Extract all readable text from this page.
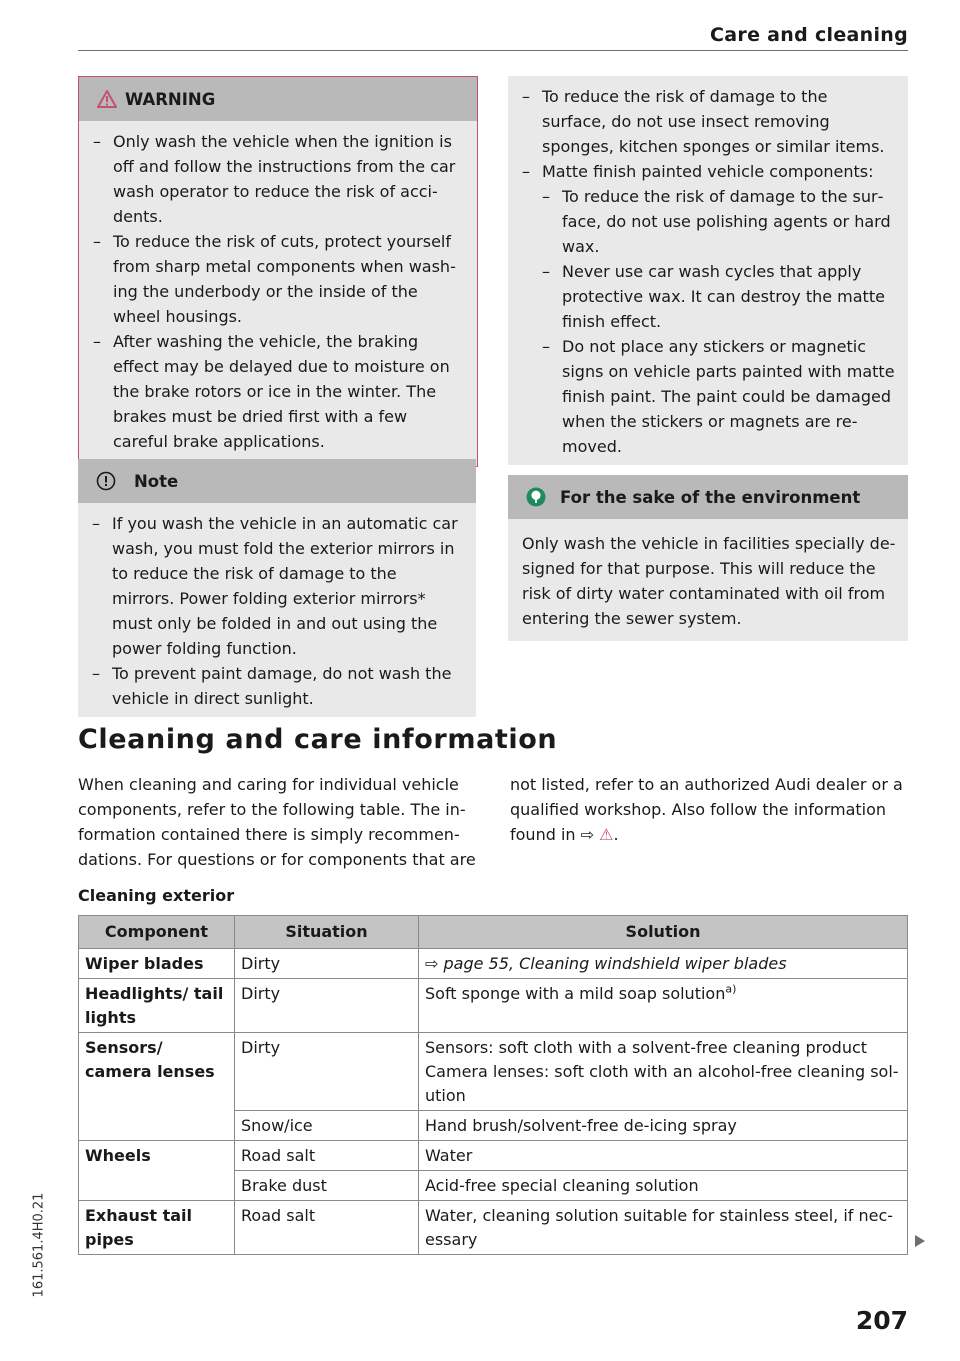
Care and cleaning
WARNING
– Only wash the vehicle when the ignition is off and follow the instructions from the car wash operator to reduce the risk of accidents.
– To reduce the risk of cuts, protect yourself from sharp metal components when washing the underbody or the inside of the wheel housings.
– After washing the vehicle, the braking effect may be delayed due to moisture on the brake rotors or ice in the winter. The brakes must be dried first with a few careful brake applications.
Note
– If you wash the vehicle in an automatic car wash, you must fold the exterior mirrors in to reduce the risk of damage to the mirrors. Power folding exterior mirrors* must only be folded in and out using the power folding function.
– To prevent paint damage, do not wash the vehicle in direct sunlight.
– To reduce the risk of damage to the surface, do not use insect removing sponges, kitchen sponges or similar items.
– Matte finish painted vehicle components:
– To reduce the risk of damage to the surface, do not use polishing agents or hard wax.
– Never use car wash cycles that apply protective wax. It can destroy the matte finish effect.
– Do not place any stickers or magnetic signs on vehicle parts painted with matte finish paint. The paint could be damaged when the stickers or magnets are removed.
For the sake of the environment
Only wash the vehicle in facilities specially designed for that purpose. This will reduce the risk of dirty water contaminated with oil from entering the sewer system.
Cleaning and care information
When cleaning and caring for individual vehicle components, refer to the following table. The information contained there is simply recommendations. For questions or for components that are not listed, refer to an authorized Audi dealer or a qualified workshop. Also follow the information found in ⇨ ⚠.
Cleaning exterior
Component	Situation	Solution
Wiper blades	Dirty	⇨ page 55, Cleaning windshield wiper blades
Headlights/ tail lights	Dirty	Soft sponge with a mild soap solution$^{a)}$
Sensors/ camera lenses	Dirty	Sensors: soft cloth with a solvent-free cleaning product
Camera lenses: soft cloth with an alcohol-free cleaning solution

	Snow/ice	Hand brush/solvent-free de-icing spray
Wheels	Road salt	Water
	Brake dust	Acid-free special cleaning solution
Exhaust tail pipes	Road salt	Water, cleaning solution suitable for stainless steel, if necessary
161.561.4H0.21
207
